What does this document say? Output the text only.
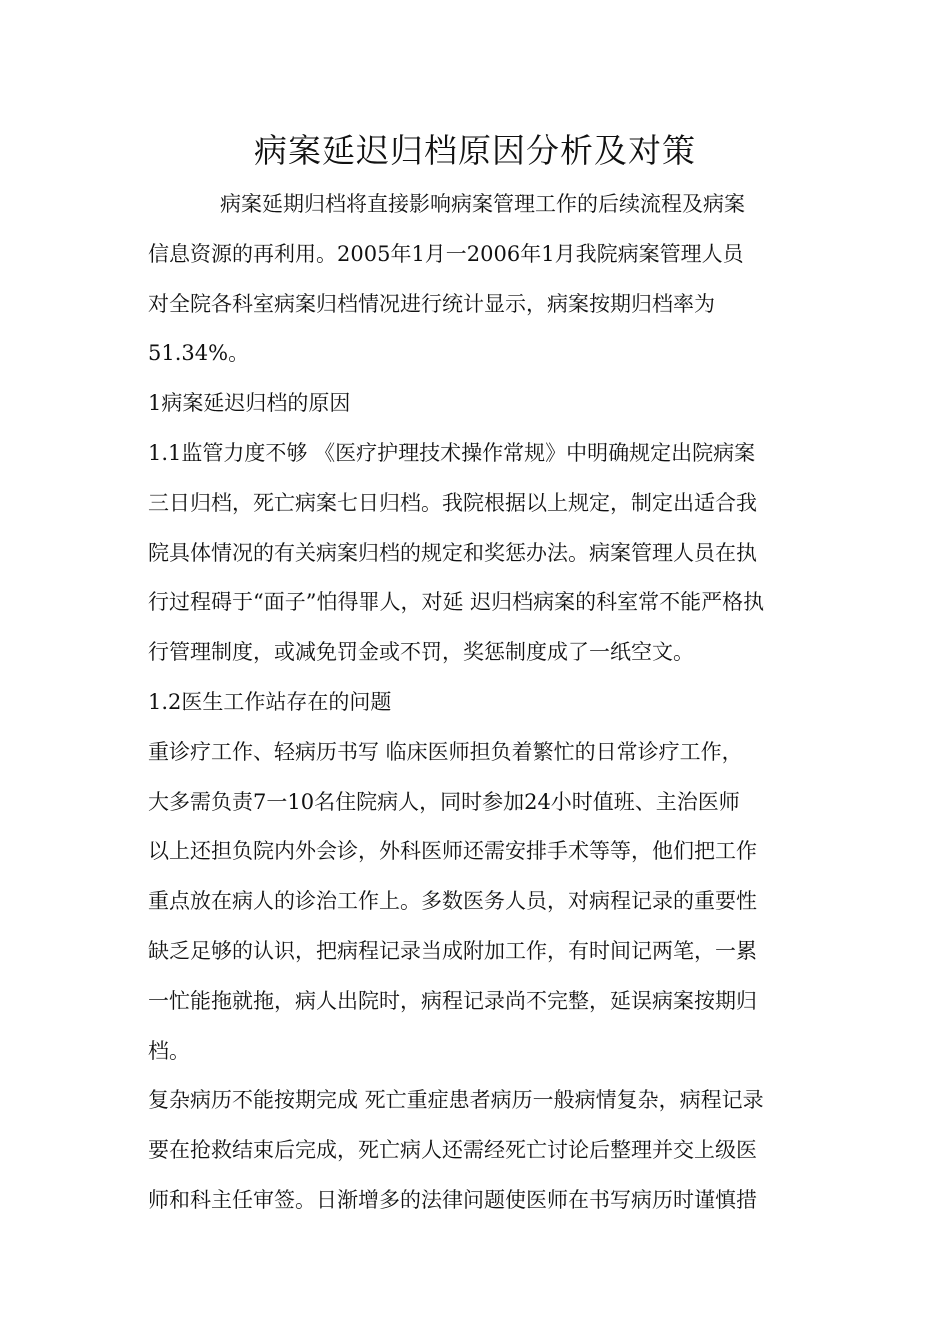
病案延迟归档原因分析及对策
病案延期归档将直接影响病案管理工作的后续流程及病案
信息资源的再利用。2005年1月一2006年1月我院病案管理人员
对全院各科室病案归档情况进行统计显示，病案按期归档率为
51.34%。
1病案延迟归档的原因
1.1监管力度不够 《医疗护理技术操作常规》中明确规定出院病案
三日归档，死亡病案七日归档。我院根据以上规定，制定出适合我
院具体情况的有关病案归档的规定和奖惩办法。病案管理人员在执
行过程碍于“面子”怕得罪人，对延 迟归档病案的科室常不能严格执
行管理制度，或减免罚金或不罚，奖惩制度成了一纸空文。
1.2医生工作站存在的问题
重诊疗工作、轻病历书写 临床医师担负着繁忙的日常诊疗工作，
大多需负责7一10名住院病人，同时参加24小时值班、主治医师
以上还担负院内外会诊，外科医师还需安排手术等等，他们把工作
重点放在病人的诊治工作上。多数医务人员，对病程记录的重要性
缺乏足够的认识，把病程记录当成附加工作，有时间记两笔，一累
一忙能拖就拖，病人出院时，病程记录尚不完整，延误病案按期归
档。
复杂病历不能按期完成 死亡重症患者病历一般病情复杂，病程记录
要在抢救结束后完成，死亡病人还需经死亡讨论后整理并交上级医
师和科主任审签。日渐增多的法律问题使医师在书写病历时谨慎措
